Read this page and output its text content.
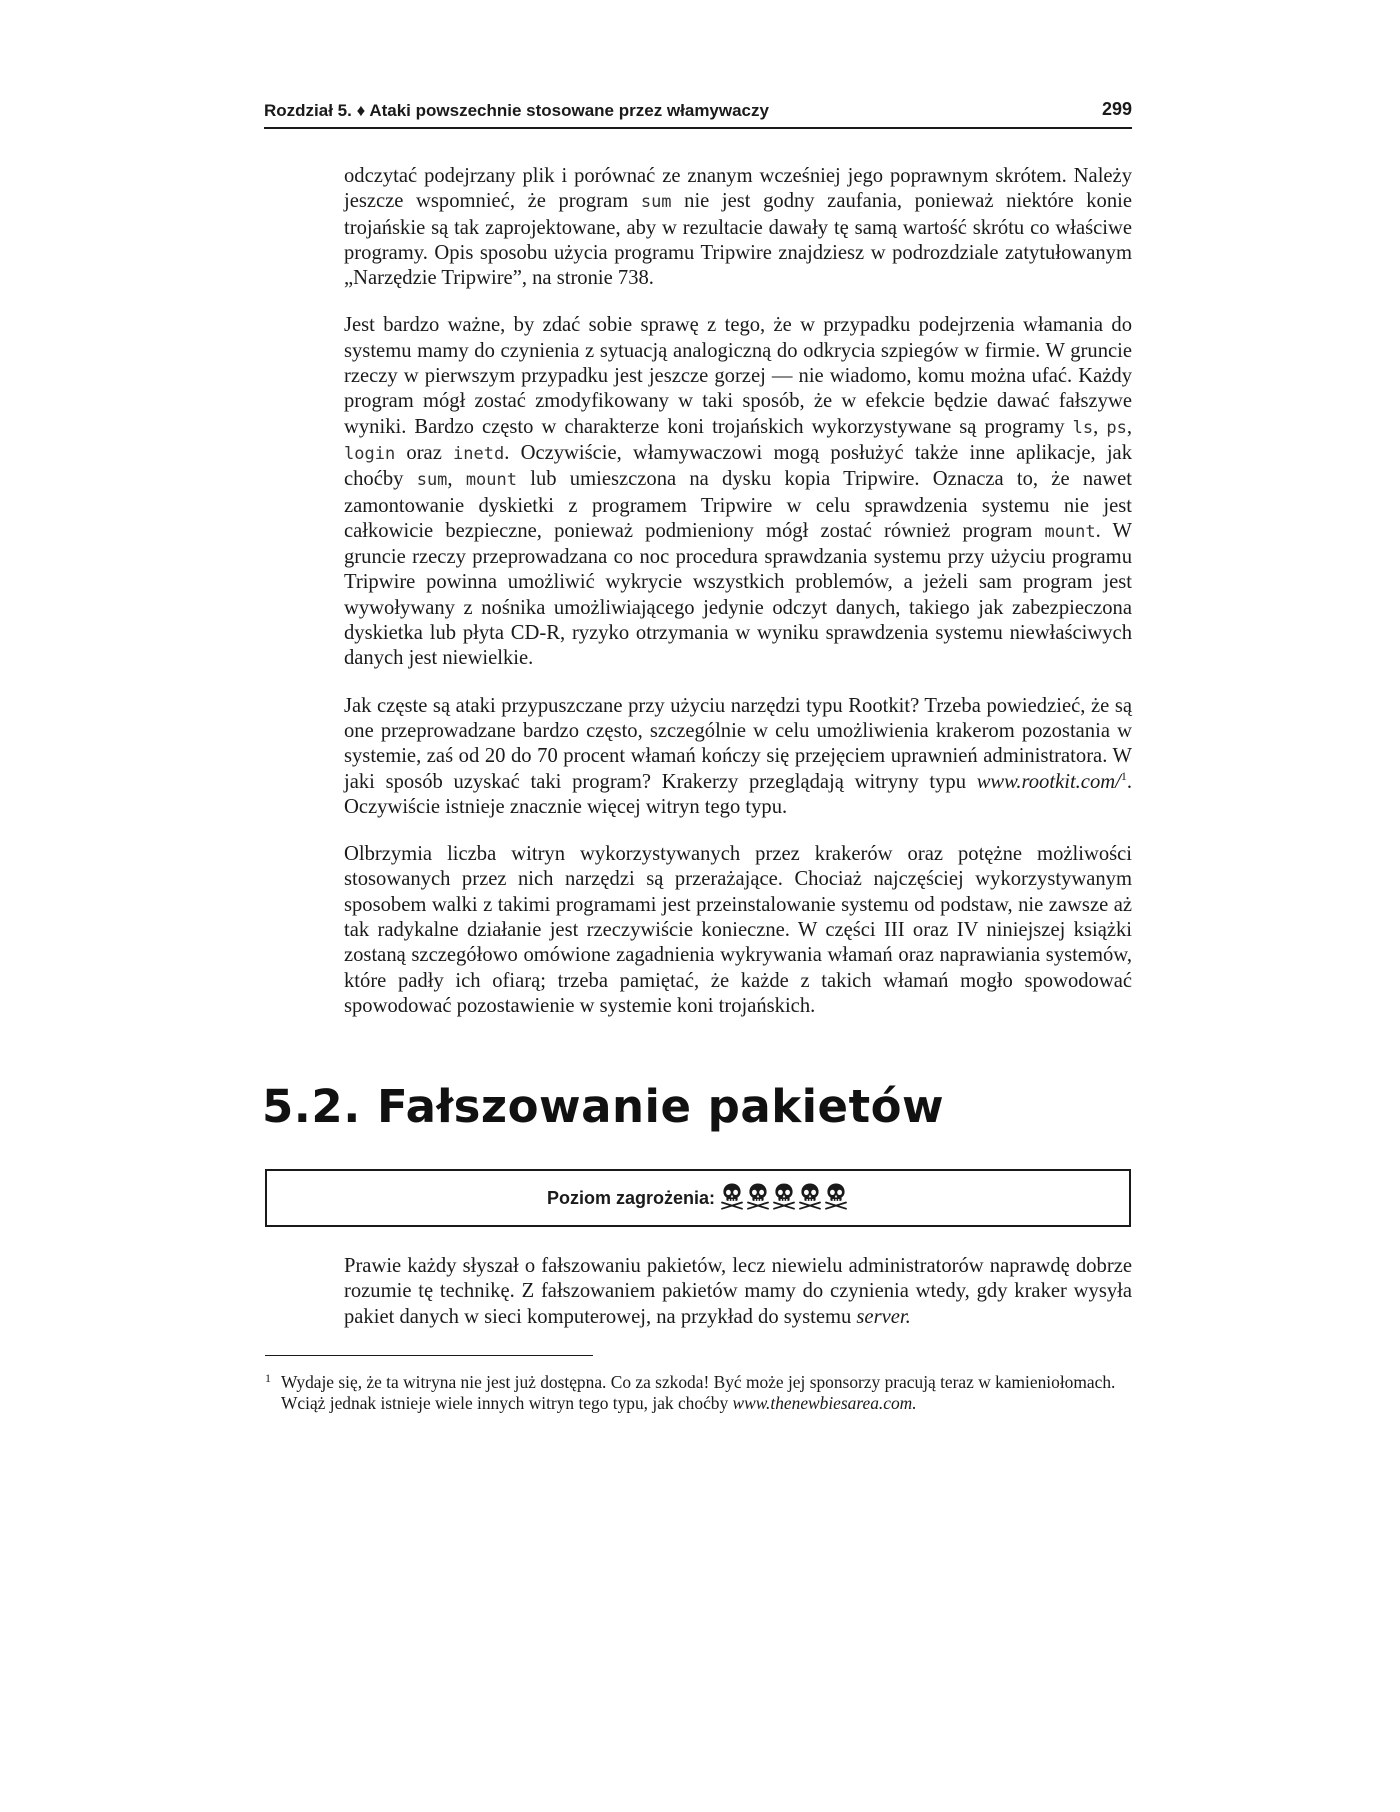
Rozdział 5. ♦ Ataki powszechnie stosowane przez włamywaczy	299

odczytać podejrzany plik i porównać ze znanym wcześniej jego poprawnym skrótem. Należy jeszcze wspomnieć, że program sum nie jest godny zaufania, ponieważ niektóre konie trojańskie są tak zaprojektowane, aby w rezultacie dawały tę samą wartość skrótu co właściwe programy. Opis sposobu użycia programu Tripwire znajdziesz w podrozdziale zatytułowanym „Narzędzie Tripwire”, na stronie 738.

Jest bardzo ważne, by zdać sobie sprawę z tego, że w przypadku podejrzenia włamania do systemu mamy do czynienia z sytuacją analogiczną do odkrycia szpiegów w firmie. W gruncie rzeczy w pierwszym przypadku jest jeszcze gorzej — nie wiadomo, komu można ufać. Każdy program mógł zostać zmodyfikowany w taki sposób, że w efekcie będzie dawać fałszywe wyniki. Bardzo często w charakterze koni trojańskich wykorzystywane są programy ls, ps, login oraz inetd. Oczywiście, włamywaczowi mogą posłużyć także inne aplikacje, jak choćby sum, mount lub umieszczona na dysku kopia Tripwire. Oznacza to, że nawet zamontowanie dyskietki z programem Tripwire w celu sprawdzenia systemu nie jest całkowicie bezpieczne, ponieważ podmieniony mógł zostać również program mount. W gruncie rzeczy przeprowadzana co noc procedura sprawdzania systemu przy użyciu programu Tripwire powinna umożliwić wykrycie wszystkich problemów, a jeżeli sam program jest wywoływany z nośnika umożliwiającego jedynie odczyt danych, takiego jak zabezpieczona dyskietka lub płyta CD-R, ryzyko otrzymania w wyniku sprawdzenia systemu niewłaściwych danych jest niewielkie.

Jak częste są ataki przypuszczane przy użyciu narzędzi typu Rootkit? Trzeba powiedzieć, że są one przeprowadzane bardzo często, szczególnie w celu umożliwienia krakerom pozostania w systemie, zaś od 20 do 70 procent włamań kończy się przejęciem uprawnień administratora. W jaki sposób uzyskać taki program? Krakerzy przeglądają witryny typu www.rootkit.com/$^1$. Oczywiście istnieje znacznie więcej witryn tego typu.

Olbrzymia liczba witryn wykorzystywanych przez krakerów oraz potężne możliwości stosowanych przez nich narzędzi są przerażające. Chociaż najczęściej wykorzystywanym sposobem walki z takimi programami jest przeinstalowanie systemu od podstaw, nie zawsze aż tak radykalne działanie jest rzeczywiście konieczne. W części III oraz IV niniejszej książki zostaną szczegółowo omówione zagadnienia wykrywania włamań oraz naprawiania systemów, które padły ich ofiarą; trzeba pamiętać, że każde z takich włamań mogło spowodować spowodować pozostawienie w systemie koni trojańskich.

5.2. Fałszowanie pakietów
Poziom zagrożenia:

Prawie każdy słyszał o fałszowaniu pakietów, lecz niewielu administratorów naprawdę dobrze rozumie tę technikę. Z fałszowaniem pakietów mamy do czynienia wtedy, gdy kraker wysyła pakiet danych w sieci komputerowej, na przykład do systemu server.

1 Wydaje się, że ta witryna nie jest już dostępna. Co za szkoda! Być może jej sponsorzy pracują teraz w kamieniołomach. Wciąż jednak istnieje wiele innych witryn tego typu, jak choćby www.thenewbiesarea.com.
